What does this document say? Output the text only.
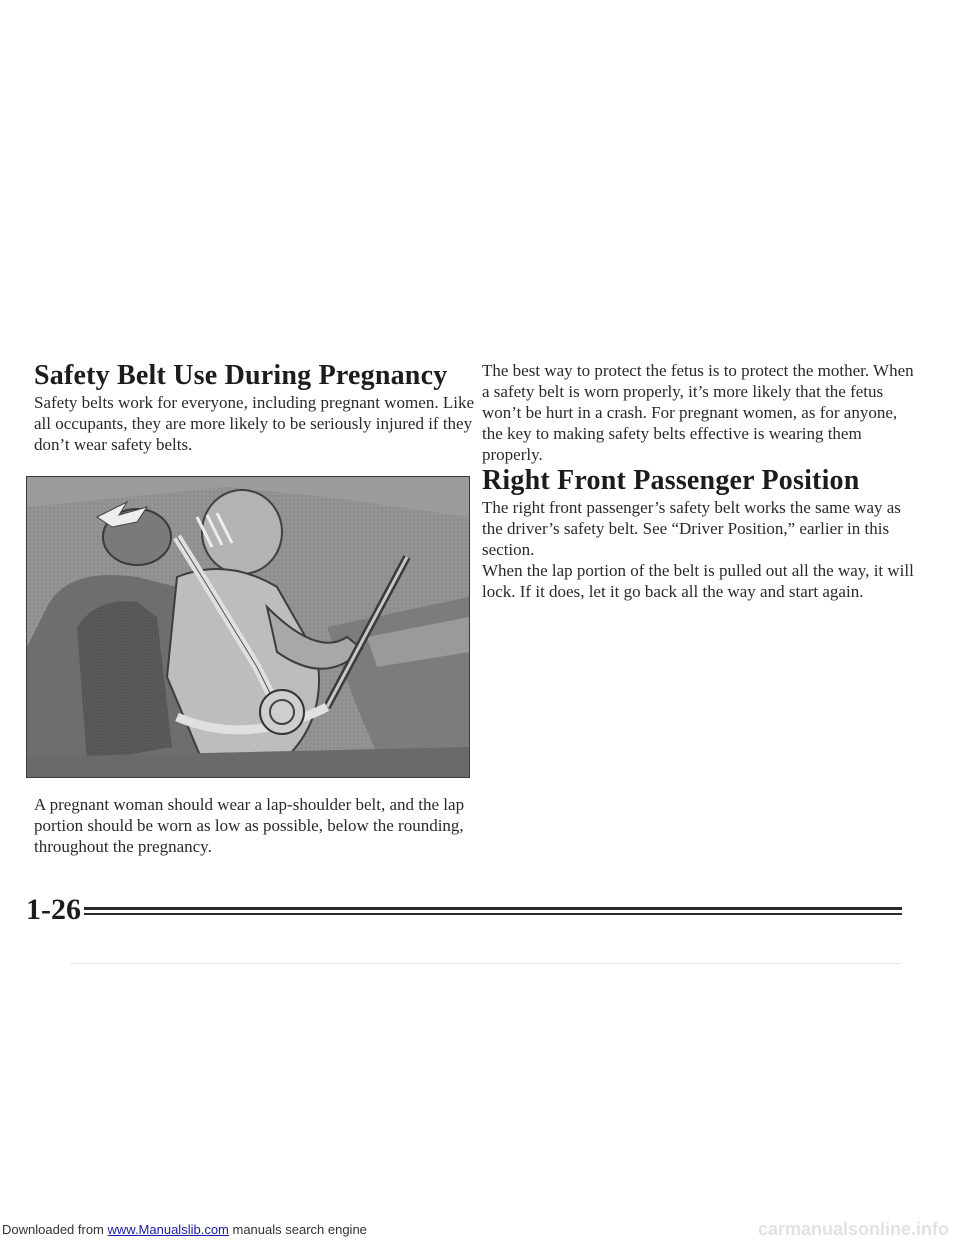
Safety Belt Use During Pregnancy

Safety belts work for everyone, including pregnant women. Like all occupants, they are more likely to be seriously injured if they don’t wear safety belts.

A pregnant woman should wear a lap-shoulder belt, and the lap portion should be worn as low as possible, below the rounding, throughout the pregnancy.

The best way to protect the fetus is to protect the mother. When a safety belt is worn properly, it’s more likely that the fetus won’t be hurt in a crash. For pregnant women, as for anyone, the key to making safety belts effective is wearing them properly.

Right Front Passenger Position

The right front passenger’s safety belt works the same way as the driver’s safety belt. See “Driver Position,” earlier in this section.

When the lap portion of the belt is pulled out all the way, it will lock. If it does, let it go back all the way and start again.

1-26
Downloaded from www.Manualslib.com manuals search engine	carmanualsonline.info
